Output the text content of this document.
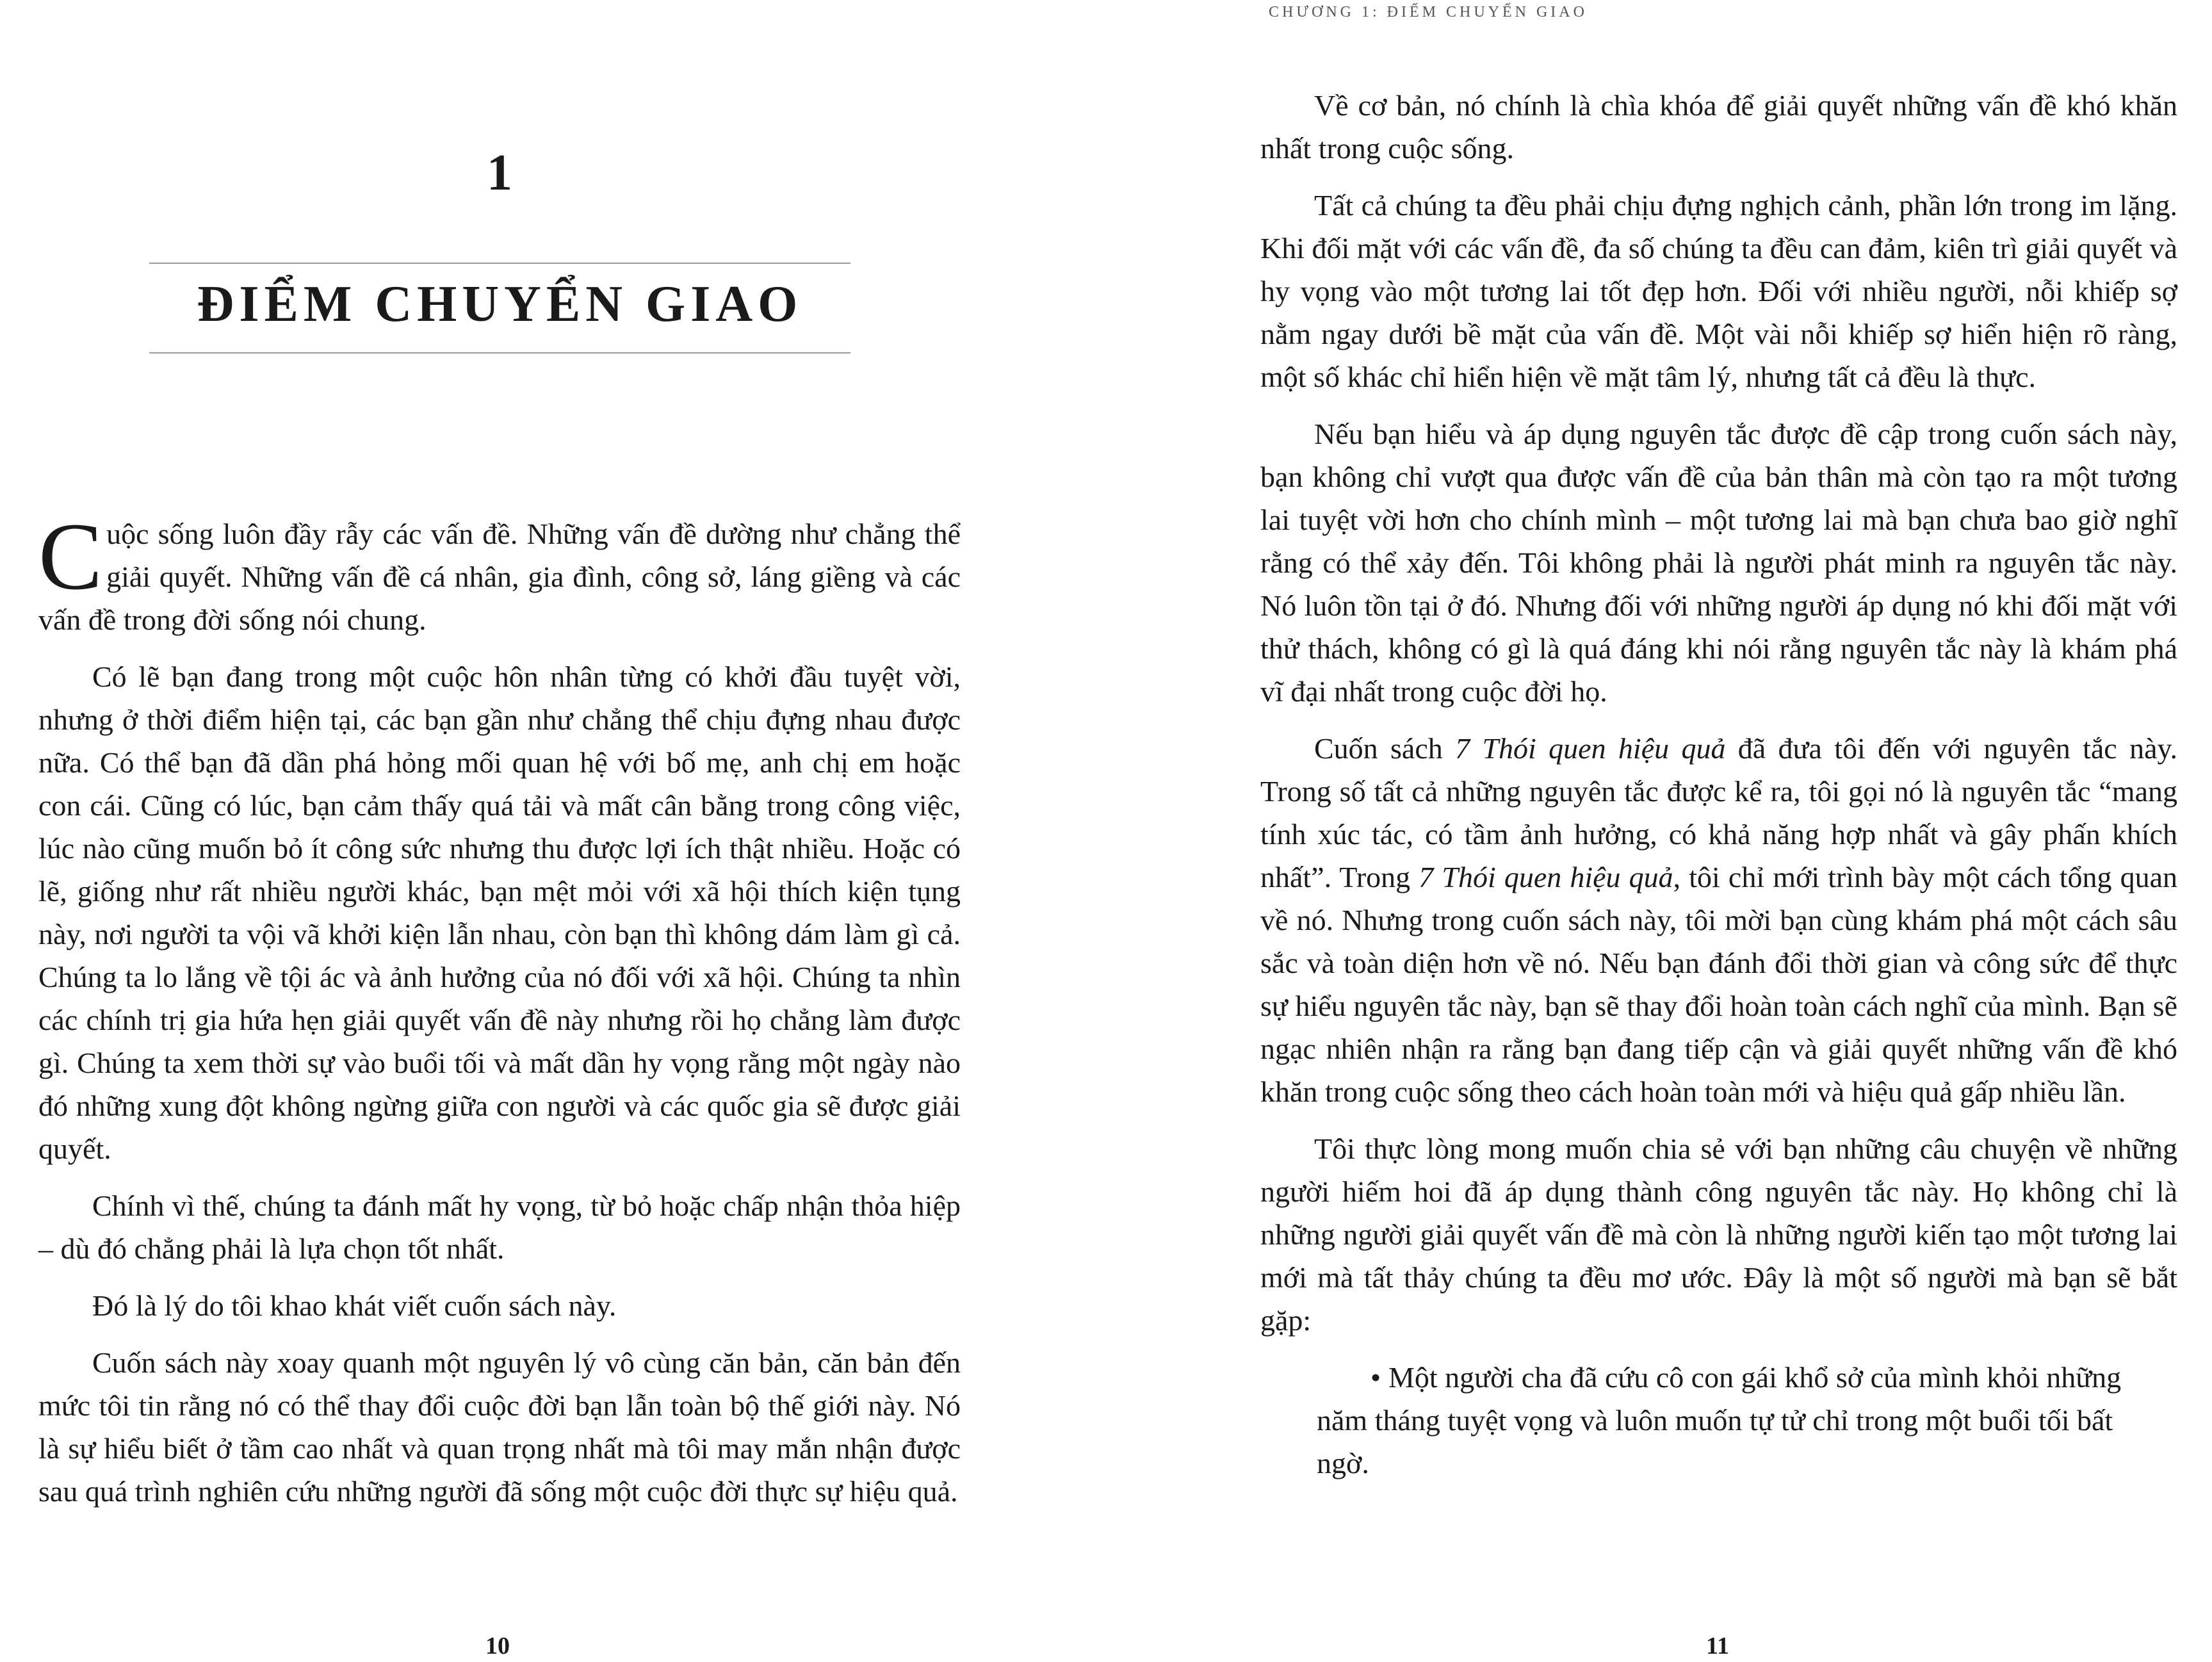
CHƯƠNG 1: ĐIỂM CHUYỂN GIAO
1
ĐIỂM CHUYỂN GIAO

Cuộc sống luôn đầy rẫy các vấn đề. Những vấn đề dường như chẳng thể giải quyết. Những vấn đề cá nhân, gia đình, công sở, láng giềng và các vấn đề trong đời sống nói chung.

Có lẽ bạn đang trong một cuộc hôn nhân từng có khởi đầu tuyệt vời, nhưng ở thời điểm hiện tại, các bạn gần như chẳng thể chịu đựng nhau được nữa. Có thể bạn đã dần phá hỏng mối quan hệ với bố mẹ, anh chị em hoặc con cái. Cũng có lúc, bạn cảm thấy quá tải và mất cân bằng trong công việc, lúc nào cũng muốn bỏ ít công sức nhưng thu được lợi ích thật nhiều. Hoặc có lẽ, giống như rất nhiều người khác, bạn mệt mỏi với xã hội thích kiện tụng này, nơi người ta vội vã khởi kiện lẫn nhau, còn bạn thì không dám làm gì cả. Chúng ta lo lắng về tội ác và ảnh hưởng của nó đối với xã hội. Chúng ta nhìn các chính trị gia hứa hẹn giải quyết vấn đề này nhưng rồi họ chẳng làm được gì. Chúng ta xem thời sự vào buổi tối và mất dần hy vọng rằng một ngày nào đó những xung đột không ngừng giữa con người và các quốc gia sẽ được giải quyết.

Chính vì thế, chúng ta đánh mất hy vọng, từ bỏ hoặc chấp nhận thỏa hiệp – dù đó chẳng phải là lựa chọn tốt nhất.

Đó là lý do tôi khao khát viết cuốn sách này.

Cuốn sách này xoay quanh một nguyên lý vô cùng căn bản, căn bản đến mức tôi tin rằng nó có thể thay đổi cuộc đời bạn lẫn toàn bộ thế giới này. Nó là sự hiểu biết ở tầm cao nhất và quan trọng nhất mà tôi may mắn nhận được sau quá trình nghiên cứu những người đã sống một cuộc đời thực sự hiệu quả.

10	11

Về cơ bản, nó chính là chìa khóa để giải quyết những vấn đề khó khăn nhất trong cuộc sống.

Tất cả chúng ta đều phải chịu đựng nghịch cảnh, phần lớn trong im lặng. Khi đối mặt với các vấn đề, đa số chúng ta đều can đảm, kiên trì giải quyết và hy vọng vào một tương lai tốt đẹp hơn. Đối với nhiều người, nỗi khiếp sợ nằm ngay dưới bề mặt của vấn đề. Một vài nỗi khiếp sợ hiển hiện rõ ràng, một số khác chỉ hiển hiện về mặt tâm lý, nhưng tất cả đều là thực.

Nếu bạn hiểu và áp dụng nguyên tắc được đề cập trong cuốn sách này, bạn không chỉ vượt qua được vấn đề của bản thân mà còn tạo ra một tương lai tuyệt vời hơn cho chính mình – một tương lai mà bạn chưa bao giờ nghĩ rằng có thể xảy đến. Tôi không phải là người phát minh ra nguyên tắc này. Nó luôn tồn tại ở đó. Nhưng đối với những người áp dụng nó khi đối mặt với thử thách, không có gì là quá đáng khi nói rằng nguyên tắc này là khám phá vĩ đại nhất trong cuộc đời họ.

Cuốn sách 7 Thói quen hiệu quả đã đưa tôi đến với nguyên tắc này. Trong số tất cả những nguyên tắc được kể ra, tôi gọi nó là nguyên tắc “mang tính xúc tác, có tầm ảnh hưởng, có khả năng hợp nhất và gây phấn khích nhất”. Trong 7 Thói quen hiệu quả, tôi chỉ mới trình bày một cách tổng quan về nó. Nhưng trong cuốn sách này, tôi mời bạn cùng khám phá một cách sâu sắc và toàn diện hơn về nó. Nếu bạn đánh đổi thời gian và công sức để thực sự hiểu nguyên tắc này, bạn sẽ thay đổi hoàn toàn cách nghĩ của mình. Bạn sẽ ngạc nhiên nhận ra rằng bạn đang tiếp cận và giải quyết những vấn đề khó khăn trong cuộc sống theo cách hoàn toàn mới và hiệu quả gấp nhiều lần.

Tôi thực lòng mong muốn chia sẻ với bạn những câu chuyện về những người hiếm hoi đã áp dụng thành công nguyên tắc này. Họ không chỉ là những người giải quyết vấn đề mà còn là những người kiến tạo một tương lai mới mà tất thảy chúng ta đều mơ ước. Đây là một số người mà bạn sẽ bắt gặp:

• Một người cha đã cứu cô con gái khổ sở của mình khỏi những năm tháng tuyệt vọng và luôn muốn tự tử chỉ trong một buổi tối bất ngờ.
